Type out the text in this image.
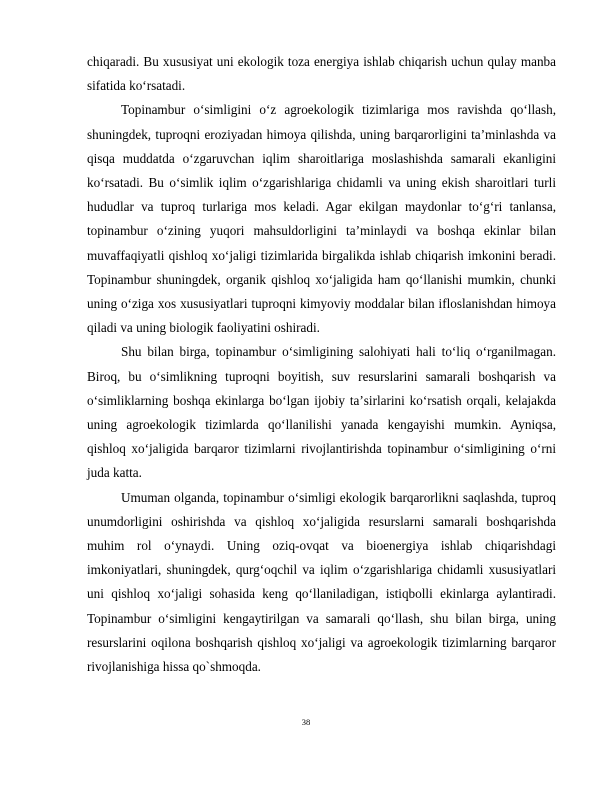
chiqaradi. Bu xususiyat uni ekologik toza energiya ishlab chiqarish uchun qulay manba sifatida koʻrsatadi.

Topinambur oʻsimligini oʻz agroekologik tizimlariga mos ravishda qoʻllash, shuningdek, tuproqni eroziyadan himoya qilishda, uning barqarorligini taʼminlashda va qisqa muddatda oʻzgaruvchan iqlim sharoitlariga moslashishda samarali ekanligini koʻrsatadi. Bu oʻsimlik iqlim oʻzgarishlariga chidamli va uning ekish sharoitlari turli hududlar va tuproq turlariga mos keladi. Agar ekilgan maydonlar toʻgʻri tanlansa, topinambur oʻzining yuqori mahsuldorligini taʼminlaydi va boshqa ekinlar bilan muvaffaqiyatli qishloq xoʻjaligi tizimlarida birgalikda ishlab chiqarish imkonini beradi. Topinambur shuningdek, organik qishloq xoʻjaligida ham qoʻllanishi mumkin, chunki uning oʻziga xos xususiyatlari tuproqni kimyoviy moddalar bilan ifloslanishdan himoya qiladi va uning biologik faoliyatini oshiradi.

Shu bilan birga, topinambur oʻsimligining salohiyati hali toʻliq oʻrganilmagan. Biroq, bu oʻsimlikning tuproqni boyitish, suv resurslarini samarali boshqarish va oʻsimliklarning boshqa ekinlarga boʻlgan ijobiy taʼsirlarini koʻrsatish orqali, kelajakda uning agroekologik tizimlarda qoʻllanilishi yanada kengayishi mumkin. Ayniqsa, qishloq xoʻjaligida barqaror tizimlarni rivojlantirishda topinambur oʻsimligining oʻrni juda katta.

Umuman olganda, topinambur oʻsimligi ekologik barqarorlikni saqlashda, tuproq unumdorligini oshirishda va qishloq xoʻjaligida resurslarni samarali boshqarishda muhim rol oʻynaydi. Uning oziq-ovqat va bioenergiya ishlab chiqarishdagi imkoniyatlari, shuningdek, qurgʻoqchil va iqlim oʻzgarishlariga chidamli xususiyatlari uni qishloq xoʻjaligi sohasida keng qoʻllaniladigan, istiqbolli ekinlarga aylantiradi. Topinambur oʻsimligini kengaytirilgan va samarali qoʻllash, shu bilan birga, uning resurslarini oqilona boshqarish qishloq xoʻjaligi va agroekologik tizimlarning barqaror rivojlanishiga hissa qo`shmoqda.

38
